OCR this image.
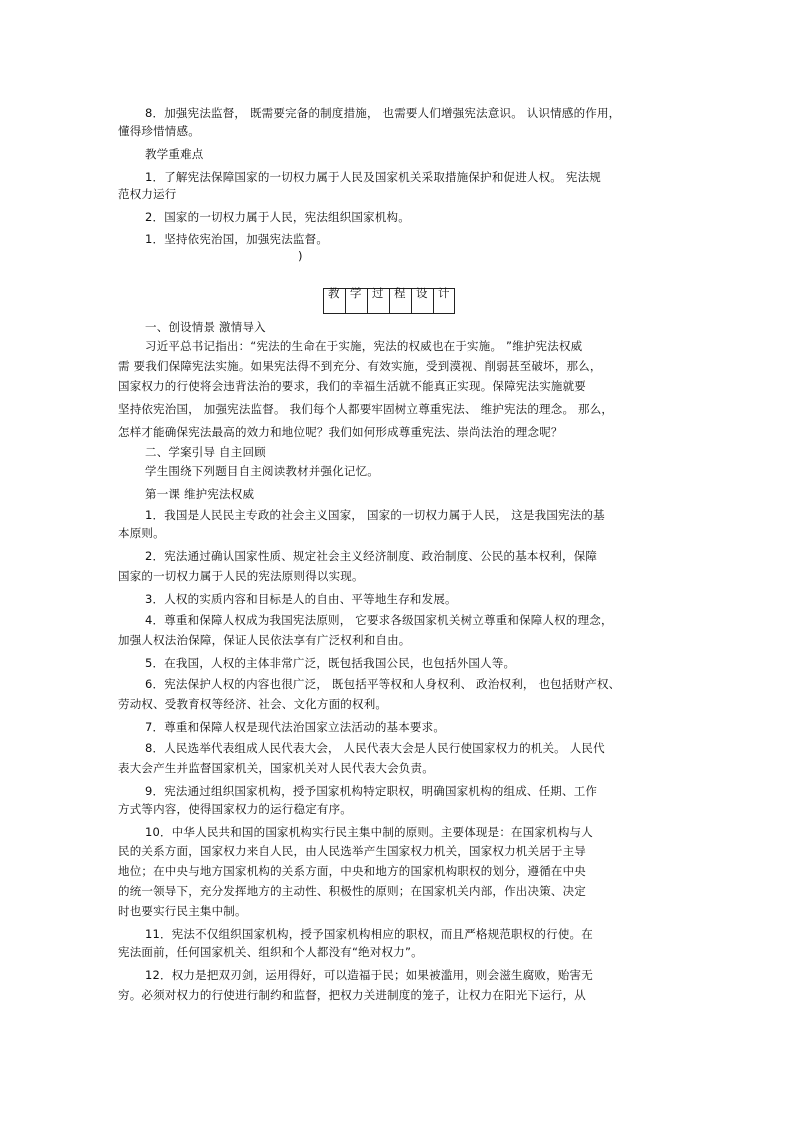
8．加强宪法监督， 既需要完备的制度措施， 也需要人们增强宪法意识。 认识情感的作用，
懂得珍惜情感。
教学重难点
1．了解宪法保障国家的一切权力属于人民及国家机关采取措施保护和促进人权。 宪法规
范权力运行
2．国家的一切权力属于人民，宪法组织国家机构。
1．坚持依宪治国，加强宪法监督。
)
一、创设情景 激情导入
习近平总书记指出：“宪法的生命在于实施，宪法的权威也在于实施。 ”维护宪法权威
需 要我们保障宪法实施。如果宪法得不到充分、有效实施，受到漠视、削弱甚至破坏，那么，
国家权力的行使将会违背法治的要求，我们的幸福生活就不能真正实现。保障宪法实施就要
坚持依宪治国， 加强宪法监督。 我们每个人都要牢固树立尊重宪法、 维护宪法的理念。 那么，
怎样才能确保宪法最高的效力和地位呢？我们如何形成尊重宪法、崇尚法治的理念呢？
二、学案引导 自主回顾
学生围绕下列题目自主阅读教材并强化记忆。
第一课 维护宪法权威
1．我国是人民民主专政的社会主义国家， 国家的一切权力属于人民， 这是我国宪法的基
本原则。
2．宪法通过确认国家性质、规定社会主义经济制度、政治制度、公民的基本权利，保障
国家的一切权力属于人民的宪法原则得以实现。
3．人权的实质内容和目标是人的自由、平等地生存和发展。
4．尊重和保障人权成为我国宪法原则， 它要求各级国家机关树立尊重和保障人权的理念，
加强人权法治保障，保证人民依法享有广泛权利和自由。
5．在我国，人权的主体非常广泛，既包括我国公民，也包括外国人等。
6．宪法保护人权的内容也很广泛， 既包括平等权和人身权利、 政治权利， 也包括财产权、
劳动权、受教育权等经济、社会、文化方面的权利。
7．尊重和保障人权是现代法治国家立法活动的基本要求。
8．人民选举代表组成人民代表大会， 人民代表大会是人民行使国家权力的机关。 人民代
表大会产生并监督国家机关，国家机关对人民代表大会负责。
9．宪法通过组织国家机构，授予国家机构特定职权，明确国家机构的组成、任期、工作
方式等内容，使得国家权力的运行稳定有序。
10．中华人民共和国的国家机构实行民主集中制的原则。主要体现是：在国家机构与人
民的关系方面，国家权力来自人民，由人民选举产生国家权力机关，国家权力机关居于主导
地位；在中央与地方国家机构的关系方面，中央和地方的国家机构职权的划分，遵循在中央
的统一领导下，充分发挥地方的主动性、积极性的原则；在国家机关内部，作出决策、决定
时也要实行民主集中制。
11．宪法不仅组织国家机构，授予国家机构相应的职权，而且严格规范职权的行使。在
宪法面前，任何国家机关、组织和个人都没有“绝对权力”。
12．权力是把双刃剑，运用得好，可以造福于民；如果被滥用，则会滋生腐败，贻害无
穷。必须对权力的行使进行制约和监督，把权力关进制度的笼子，让权力在阳光下运行，从
教 学 过 程 设 计
